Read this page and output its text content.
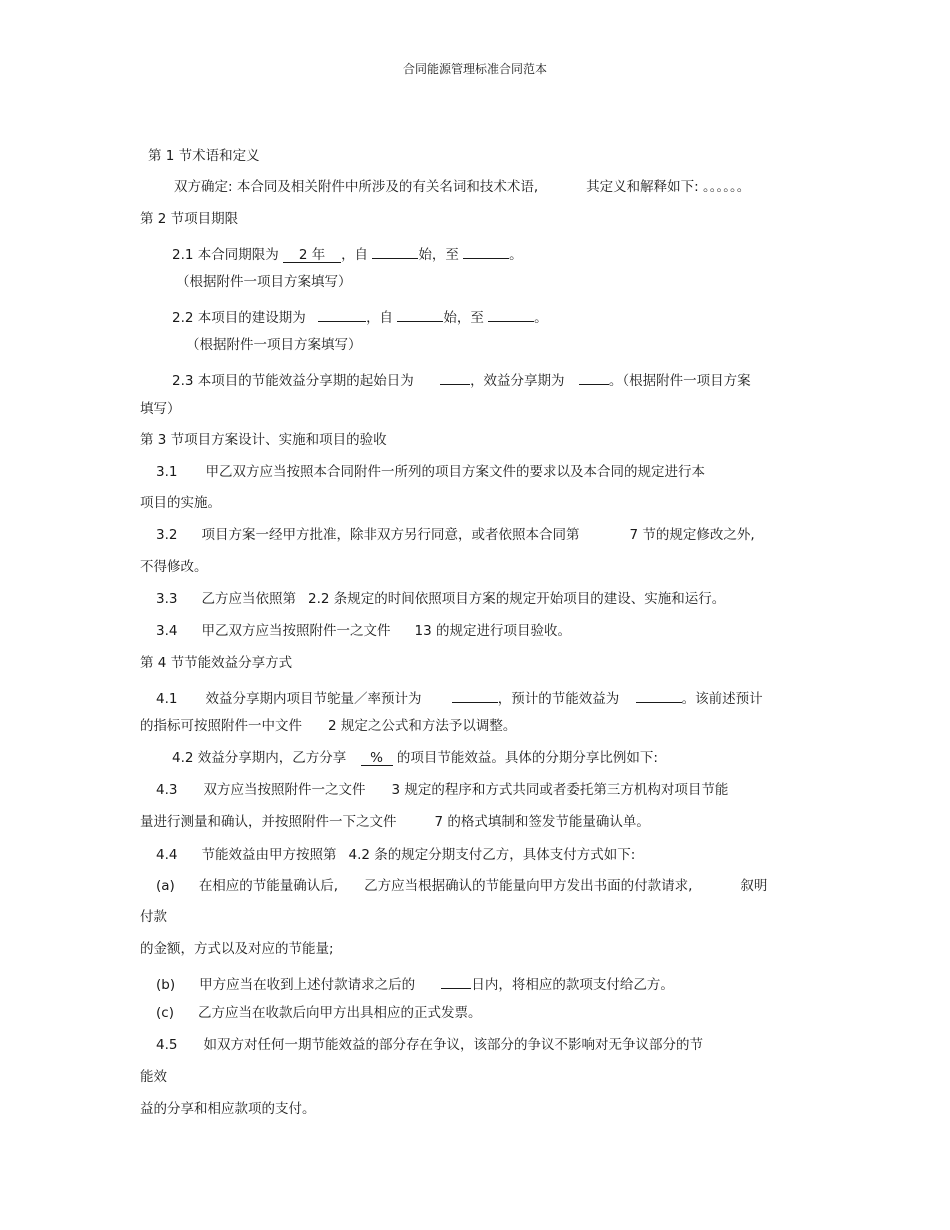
合同能源管理标准合同范本
第 1 节术语和定义
双方确定: 本合同及相关附件中所涉及的有关名词和技术术语,	其定义和解释如下: 。。。。。。
第 2 节项目期限
2.1 本合同期限为 2 年 ，自	始，至	。
（根据附件一项目方案填写）
2.2 本项目的建设期为	，自	始，至	。
（根据附件一项目方案填写）
2.3 本项目的节能效益分享期的起始日为	，效益分享期为	。（根据附件一项目方案
填写）
第 3 节项目方案设计、实施和项目的验收
3.1 甲乙双方应当按照本合同附件一所列的项目方案文件的要求以及本合同的规定进行本
项目的实施。
3.2 项目方案一经甲方批准，除非双方另行同意，或者依照本合同第	7 节的规定修改之外,
不得修改。
3.3 乙方应当依照第 2.2 条规定的时间依照项目方案的规定开始项目的建设、实施和运行。
3.4 甲乙双方应当按照附件一之文件 13 的规定进行项目验收。
第 4 节节能效益分享方式
4.1 效益分享期内项目节鸵量／率预计为	，预计的节能效益为	。该前述预计
的指标可按照附件一中文件 2 规定之公式和方法予以调整。
4.2 效益分享期内，乙方分享 % 的项目节能效益。具体的分期分享比例如下:
4.3 双方应当按照附件一之文件 3 规定的程序和方式共同或者委托第三方机构对项目节能
量进行测量和确认，并按照附件一下之文件	7 的格式填制和签发节能量确认单。
4.4 节能效益由甲方按照第 4.2 条的规定分期支付乙方，具体支付方式如下:
(a) 在相应的节能量确认后, 乙方应当根据确认的节能量向甲方发出书面的付款请求,	叙明
付款
的金额，方式以及对应的节能量;
(b) 甲方应当在收到上述付款请求之后的	日内，将相应的款项支付给乙方。
(c) 乙方应当在收款后向甲方出具相应的正式发票。
4.5 如双方对任何一期节能效益的部分存在争议，该部分的争议不影响对无争议部分的节
能效
益的分享和相应款项的支付。
